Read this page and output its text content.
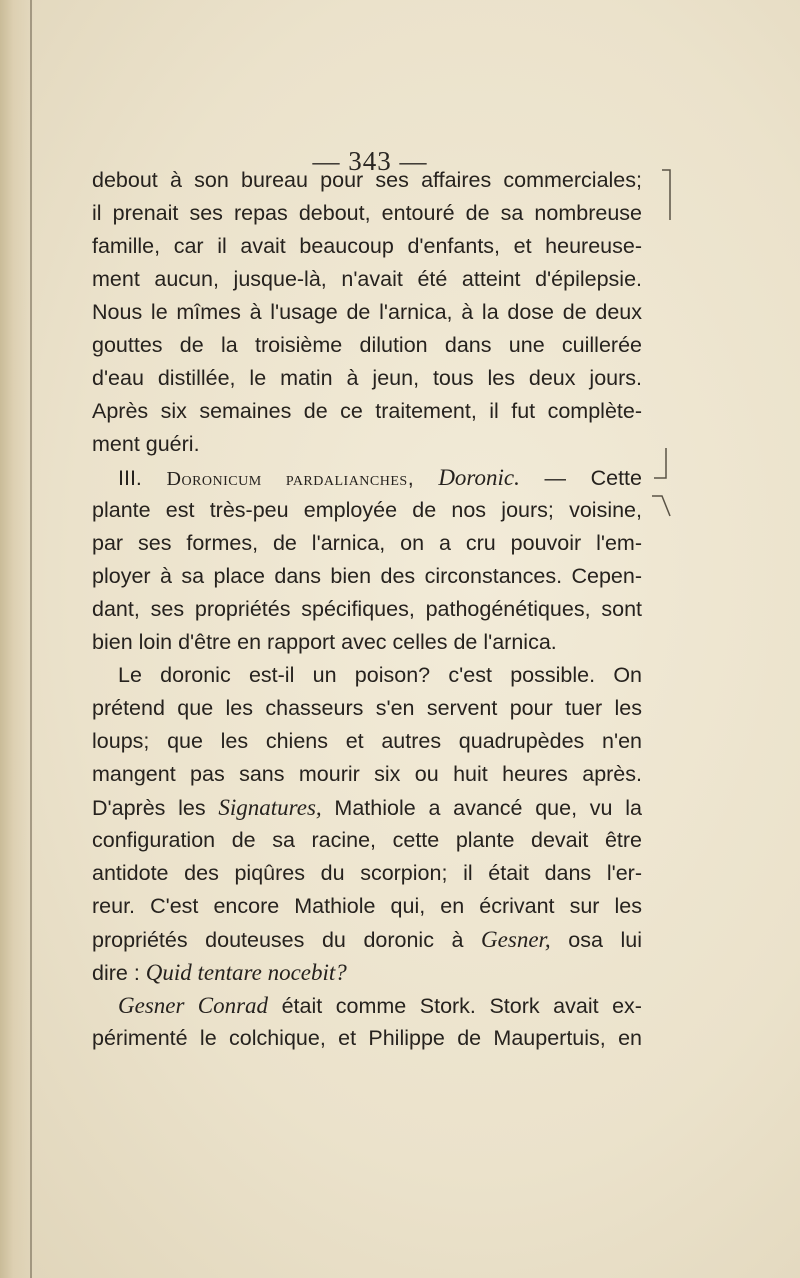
— 343 —
debout à son bureau pour ses affaires commerciales;
il prenait ses repas debout, entouré de sa nombreuse
famille, car il avait beaucoup d'enfants, et heureuse-
ment aucun, jusque-là, n'avait été atteint d'épilepsie.
Nous le mîmes à l'usage de l'arnica, à la dose de deux
gouttes de la troisième dilution dans une cuillerée
d'eau distillée, le matin à jeun, tous les deux jours.
Après six semaines de ce traitement, il fut complète-
ment guéri.
III. Doronicum pardalianches, Doronic. — Cette
plante est très-peu employée de nos jours; voisine,
par ses formes, de l'arnica, on a cru pouvoir l'em-
ployer à sa place dans bien des circonstances. Cepen-
dant, ses propriétés spécifiques, pathogénétiques, sont
bien loin d'être en rapport avec celles de l'arnica.
Le doronic est-il un poison? c'est possible. On
prétend que les chasseurs s'en servent pour tuer les
loups; que les chiens et autres quadrupèdes n'en
mangent pas sans mourir six ou huit heures après.
D'après les Signatures, Mathiole a avancé que, vu la
configuration de sa racine, cette plante devait être
antidote des piqûres du scorpion; il était dans l'er-
reur. C'est encore Mathiole qui, en écrivant sur les
propriétés douteuses du doronic à Gesner, osa lui
dire : Quid tentare nocebit?
Gesner Conrad était comme Stork. Stork avait ex-
périmenté le colchique, et Philippe de Maupertuis, en
